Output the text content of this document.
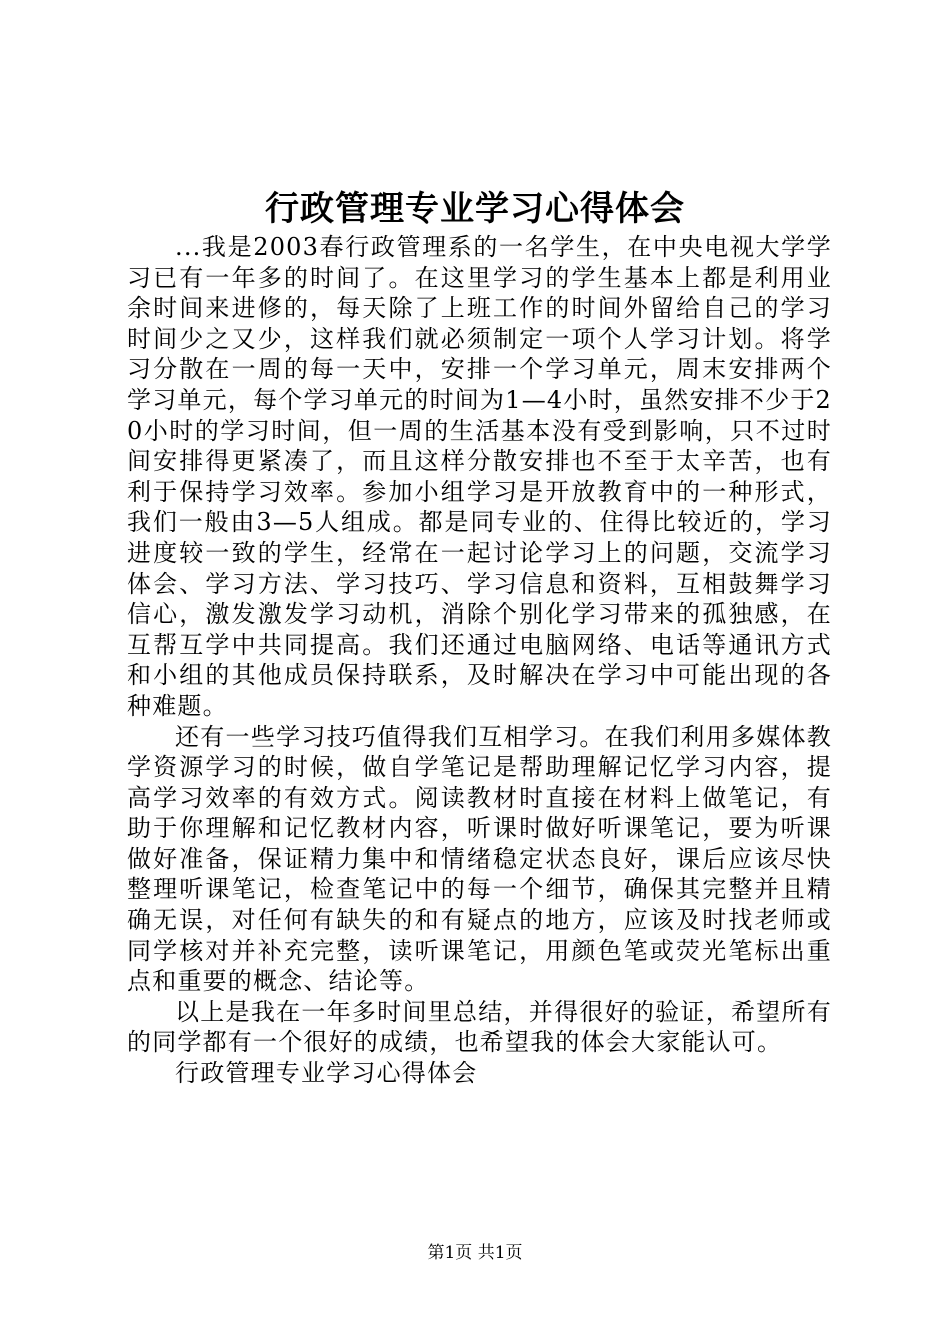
行政管理专业学习心得体会

...我是2003春行政管理系的一名学生，在中央电视大学学习已有一年多的时间了。在这里学习的学生基本上都是利用业余时间来进修的，每天除了上班工作的时间外留给自己的学习时间少之又少，这样我们就必须制定一项个人学习计划。将学习分散在一周的每一天中，安排一个学习单元，周末安排两个学习单元，每个学习单元的时间为1—4小时，虽然安排不少于20小时的学习时间，但一周的生活基本没有受到影响，只不过时间安排得更紧凑了，而且这样分散安排也不至于太辛苦，也有利于保持学习效率。参加小组学习是开放教育中的一种形式，我们一般由3—5人组成。都是同专业的、住得比较近的，学习进度较一致的学生，经常在一起讨论学习上的问题，交流学习体会、学习方法、学习技巧、学习信息和资料，互相鼓舞学习信心，激发激发学习动机，消除个别化学习带来的孤独感，在互帮互学中共同提高。我们还通过电脑网络、电话等通讯方式和小组的其他成员保持联系，及时解决在学习中可能出现的各种难题。

还有一些学习技巧值得我们互相学习。在我们利用多媒体教学资源学习的时候，做自学笔记是帮助理解记忆学习内容，提高学习效率的有效方式。阅读教材时直接在材料上做笔记，有助于你理解和记忆教材内容，听课时做好听课笔记，要为听课做好准备，保证精力集中和情绪稳定状态良好，课后应该尽快整理听课笔记，检查笔记中的每一个细节，确保其完整并且精确无误，对任何有缺失的和有疑点的地方，应该及时找老师或同学核对并补充完整，读听课笔记，用颜色笔或荧光笔标出重点和重要的概念、结论等。

以上是我在一年多时间里总结，并得很好的验证，希望所有的同学都有一个很好的成绩，也希望我的体会大家能认可。

行政管理专业学习心得体会

第1页 共1页
